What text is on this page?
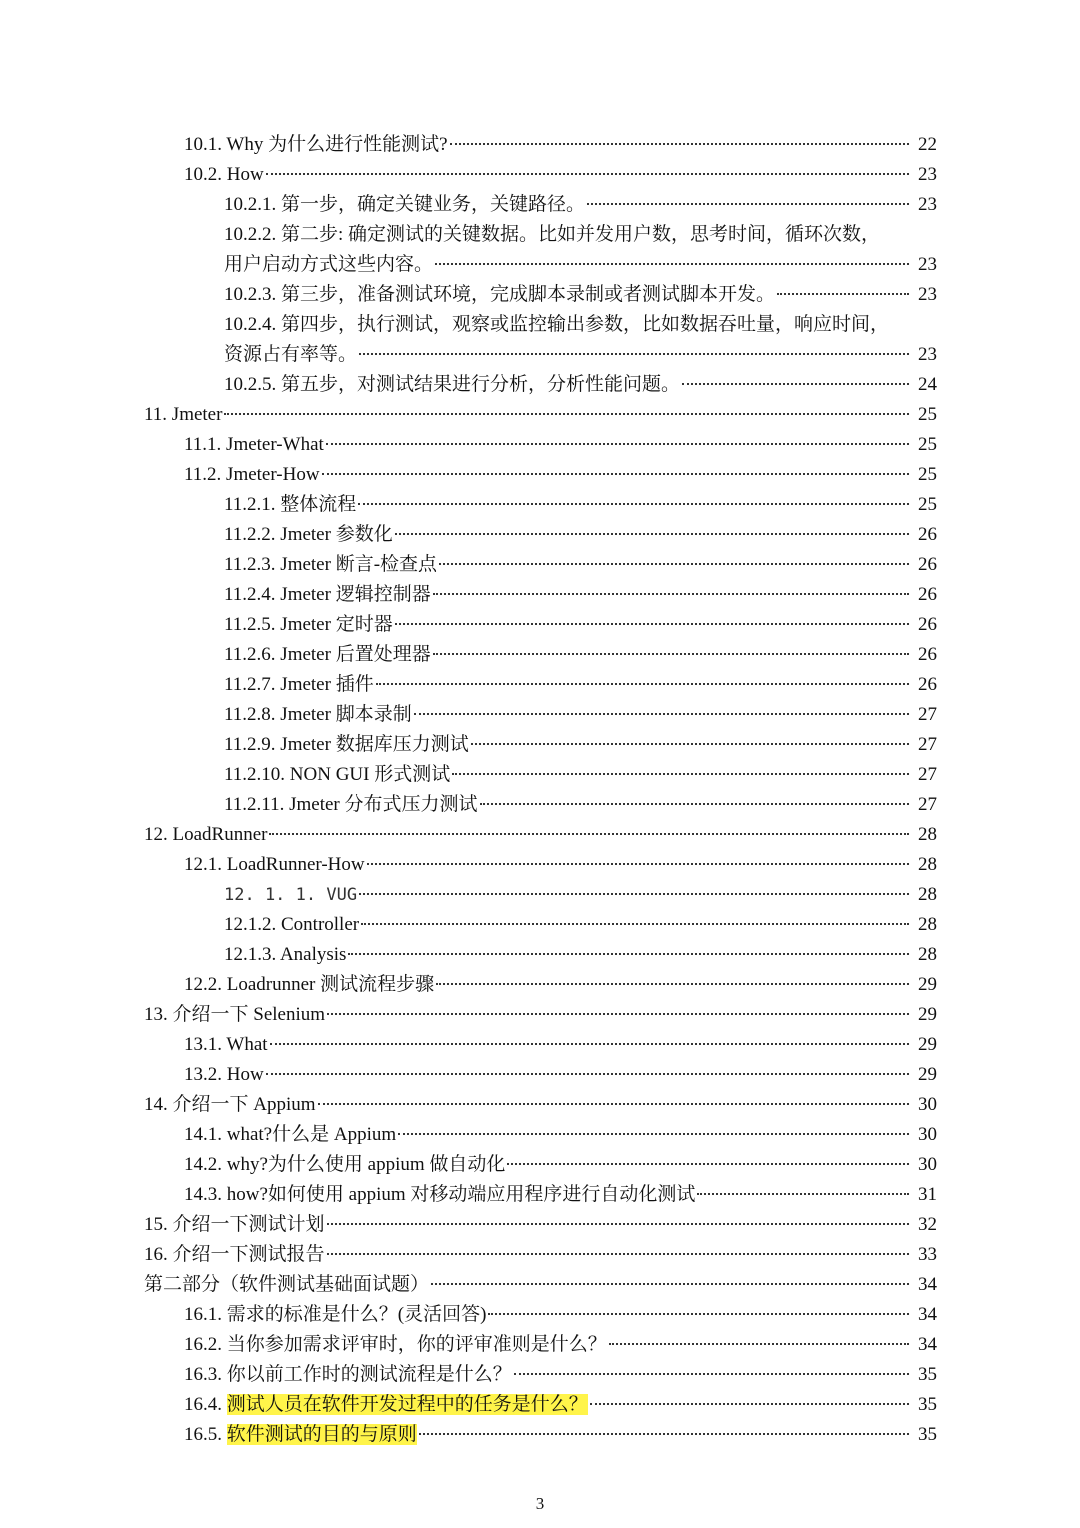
10.1. Why 为什么进行性能测试?	22
10.2. How	23
10.2.1. 第一步，确定关键业务，关键路径。	23
10.2.2. 第二步: 确定测试的关键数据。比如并发用户数，思考时间，循环次数，
用户启动方式这些内容。	23
10.2.3. 第三步，准备测试环境，完成脚本录制或者测试脚本开发。	23
10.2.4. 第四步，执行测试，观察或监控输出参数，比如数据吞吐量，响应时间，
资源占有率等。	23
10.2.5. 第五步，对测试结果进行分析，分析性能问题。	24
11. Jmeter	25
11.1. Jmeter-What	25
11.2. Jmeter-How	25
11.2.1. 整体流程	25
11.2.2. Jmeter 参数化	26
11.2.3. Jmeter 断言-检查点	26
11.2.4. Jmeter 逻辑控制器	26
11.2.5. Jmeter 定时器	26
11.2.6. Jmeter 后置处理器	26
11.2.7. Jmeter 插件	26
11.2.8. Jmeter 脚本录制	27
11.2.9. Jmeter 数据库压力测试	27
11.2.10. NON GUI 形式测试	27
11.2.11. Jmeter 分布式压力测试	27
12. LoadRunner	28
12.1. LoadRunner-How	28
12. 1. 1. VUG	28
12.1.2. Controller	28
12.1.3. Analysis	28
12.2. Loadrunner 测试流程步骤	29
13. 介绍一下 Selenium	29
13.1. What	29
13.2. How	29
14. 介绍一下 Appium	30
14.1. what?什么是 Appium	30
14.2. why?为什么使用 appium 做自动化	30
14.3. how?如何使用 appium 对移动端应用程序进行自动化测试	31
15. 介绍一下测试计划	32
16. 介绍一下测试报告	33
第二部分（软件测试基础面试题）	34
16.1. 需求的标准是什么？(灵活回答)	34
16.2. 当你参加需求评审时，你的评审准则是什么？	34
16.3. 你以前工作时的测试流程是什么？	35
16.4. 测试人员在软件开发过程中的任务是什么？	35
16.5. 软件测试的目的与原则	35
3
